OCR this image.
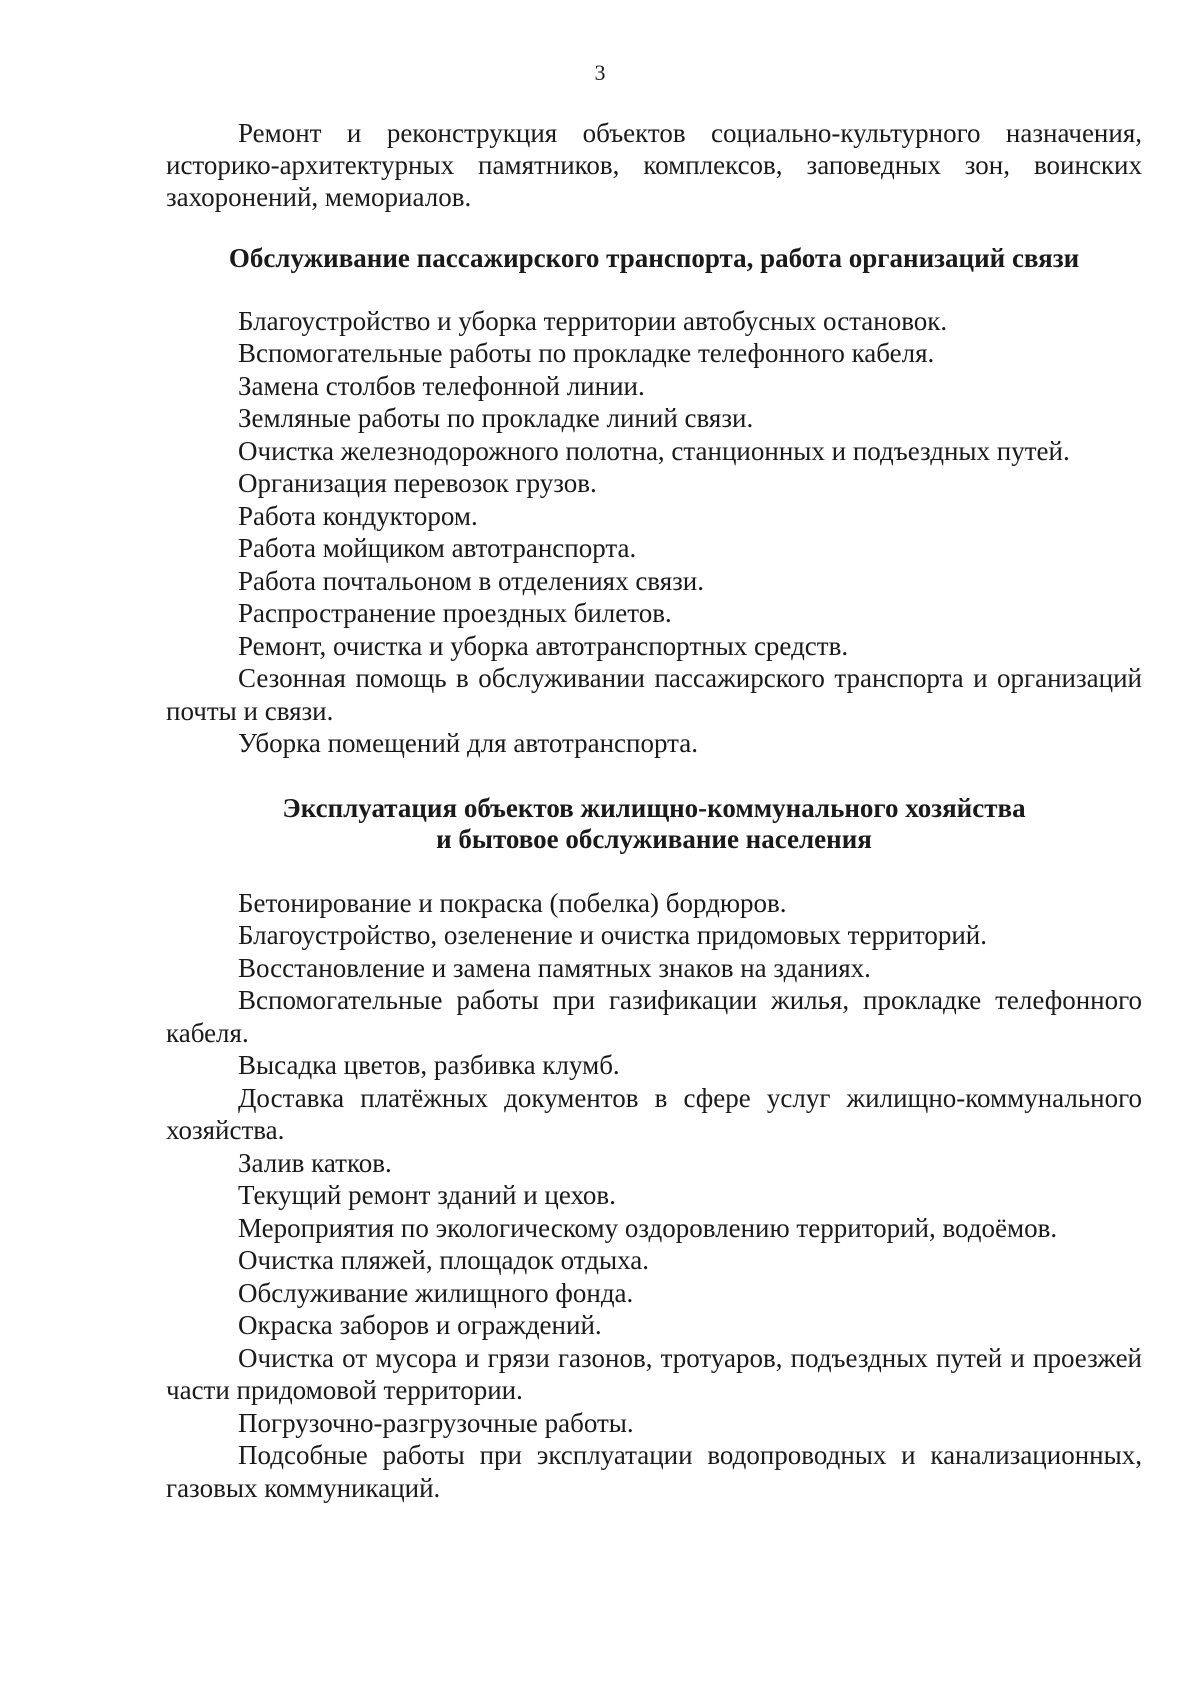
3

Ремонт и реконструкция объектов социально-культурного назначения, историко-архитектурных памятников, комплексов, заповедных зон, воинских захоронений, мемориалов.

Обслуживание пассажирского транспорта, работа организаций связи

Благоустройство и уборка территории автобусных остановок.

Вспомогательные работы по прокладке телефонного кабеля.

Замена столбов телефонной линии.

Земляные работы по прокладке линий связи.

Очистка железнодорожного полотна, станционных и подъездных путей.

Организация перевозок грузов.

Работа кондуктором.

Работа мойщиком автотранспорта.

Работа почтальоном в отделениях связи.

Распространение проездных билетов.

Ремонт, очистка и уборка автотранспортных средств.

Сезонная помощь в обслуживании пассажирского транспорта и организаций почты и связи.

Уборка помещений для автотранспорта.

Эксплуатация объектов жилищно-коммунального хозяйства
и бытовое обслуживание населения

Бетонирование и покраска (побелка) бордюров.

Благоустройство, озеленение и очистка придомовых территорий.

Восстановление и замена памятных знаков на зданиях.

Вспомогательные работы при газификации жилья, прокладке телефонного кабеля.

Высадка цветов, разбивка клумб.

Доставка платёжных документов в сфере услуг жилищно-коммунального хозяйства.

Залив катков.

Текущий ремонт зданий и цехов.

Мероприятия по экологическому оздоровлению территорий, водоёмов.

Очистка пляжей, площадок отдыха.

Обслуживание жилищного фонда.

Окраска заборов и ограждений.

Очистка от мусора и грязи газонов, тротуаров, подъездных путей и проезжей части придомовой территории.

Погрузочно-разгрузочные работы.

Подсобные работы при эксплуатации водопроводных и канализационных, газовых коммуникаций.
